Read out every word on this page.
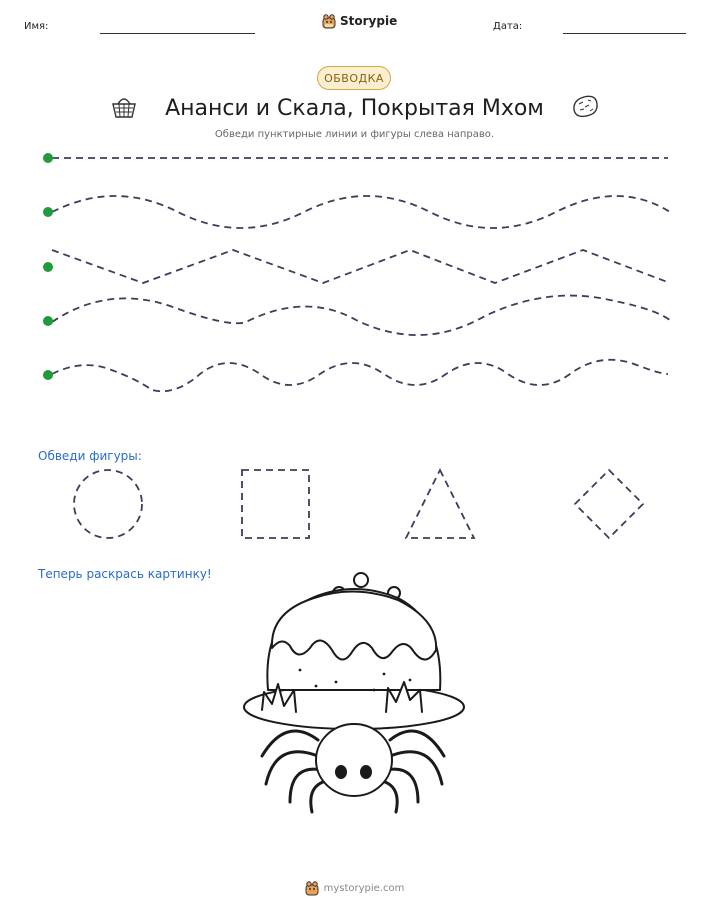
Имя:	Storypie	Дата:
ОБВОДКА
Ананси и Скала, Покрытая Мхом
Обведи пунктирные линии и фигуры слева направо.
Обведи фигуры:
Теперь раскрась картинку!
mystorypie.com
